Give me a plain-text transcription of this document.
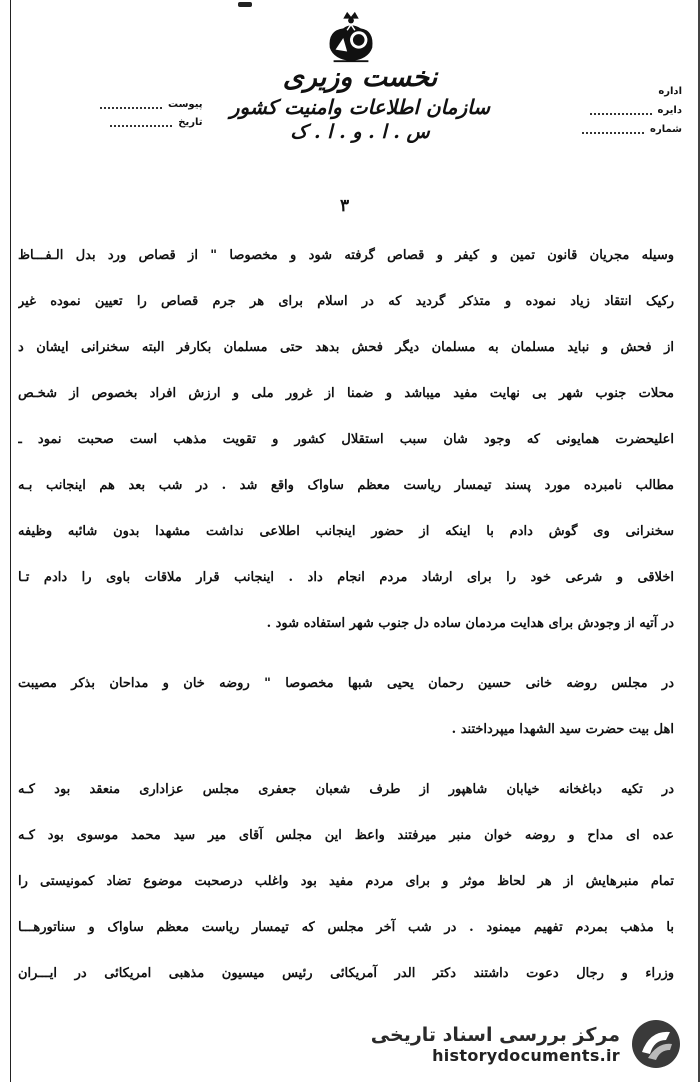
نخست وزیری
سازمان اطلاعات وامنیت کشور
س . ا . و . ا . ک
اداره
دایره
شماره
پیوست
تاریخ
۳
وسیله مجریان قانون تمین و کیفر و قصاص گرفته شود و مخصوصا " از قصاص ورد بدل الـفـــاظ
رکیک انتقاد زیاد نموده و متذکر گردید که در اسلام برای هر جرم قصاص را تعیین نموده غیر
از فحش و نباید مسلمان به مسلمان دیگر فحش بدهد حتی مسلمان بکارفر البته سخنرانی ایشان د
محلات جنوب شهر بی نهایت مفید میباشد و ضمنا از غرور ملی و ارزش افراد بخصوص از شخـص
اعلیحضرت همایونی که وجود شان سبب استقلال کشور و تقویت مذهب است صحبت نمود ـ
مطالب نامبرده مورد پسند تیمسار ریاست معظم ساواک واقع شد . در شب بعد هم اینجانب بـه
سخنرانی وی گوش دادم با اینکه از حضور اینجانب اطلاعی نداشت مشهدا بدون شائبه وظیفه
اخلاقی و شرعی خود را برای ارشاد مردم انجام داد . اینجانب قرار ملاقات باوی را دادم تـا
در آتیه از وجودش برای هدایت مردمان ساده دل جنوب شهر استفاده شود .
در مجلس روضه خانی حسین رحمان یحیی شبها مخصوصا " روضه خان و مداحان بذکر مصیبت
اهل بیت حضرت سید الشهدا میپرداختند .
در تکیه دباغخانه خیابان شاهپور از طرف شعبان جعفری مجلس عزاداری منعقد بود کـه
عده ای مداح و روضه خوان منبر میرفتند واعظ این مجلس آقای میر سید محمد موسوی بود کـه
تمام منبرهایش از هر لحاظ موثر و برای مردم مفید بود واغلب درصحبت موضوع تضاد کمونیستی را
با مذهب بمردم تفهیم میمنود . در شب آخر مجلس که تیمسار ریاست معظم ساواک و سناتورهـــا
وزراء و رجال دعوت داشتند دکتر الدر آمریکائی رئیس میسیون مذهبی امریکائی در ایـــران
مرکز بررسی اسناد تاریخی
historydocuments.ir
